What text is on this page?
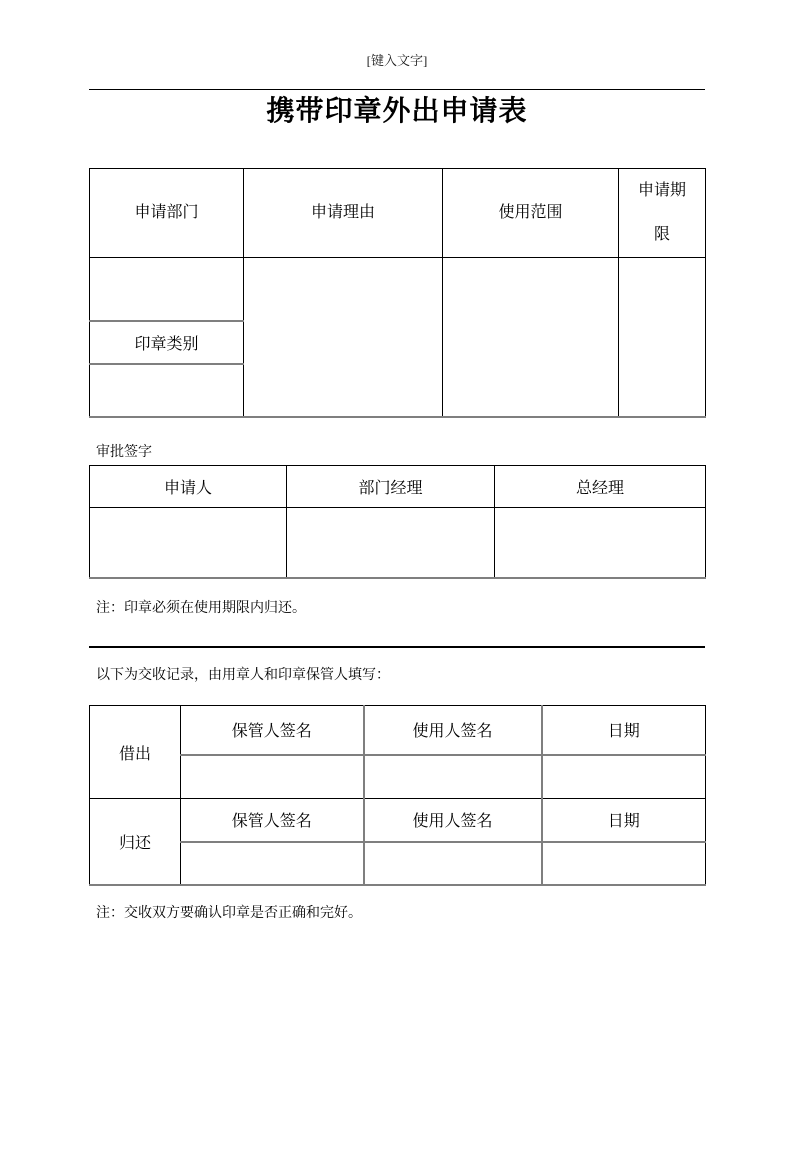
[键入文字]
携带印章外出申请表
申请部门	申请理由	使用范围	申请期限

印章类别			

审批签字
申请人	部门经理	总经理

注：印章必须在使用期限内归还。

以下为交收记录，由用章人和印章保管人填写：

借出	保管人签名	使用人签名	日期

归还	保管人签名	使用人签名	日期

注：交收双方要确认印章是否正确和完好。
